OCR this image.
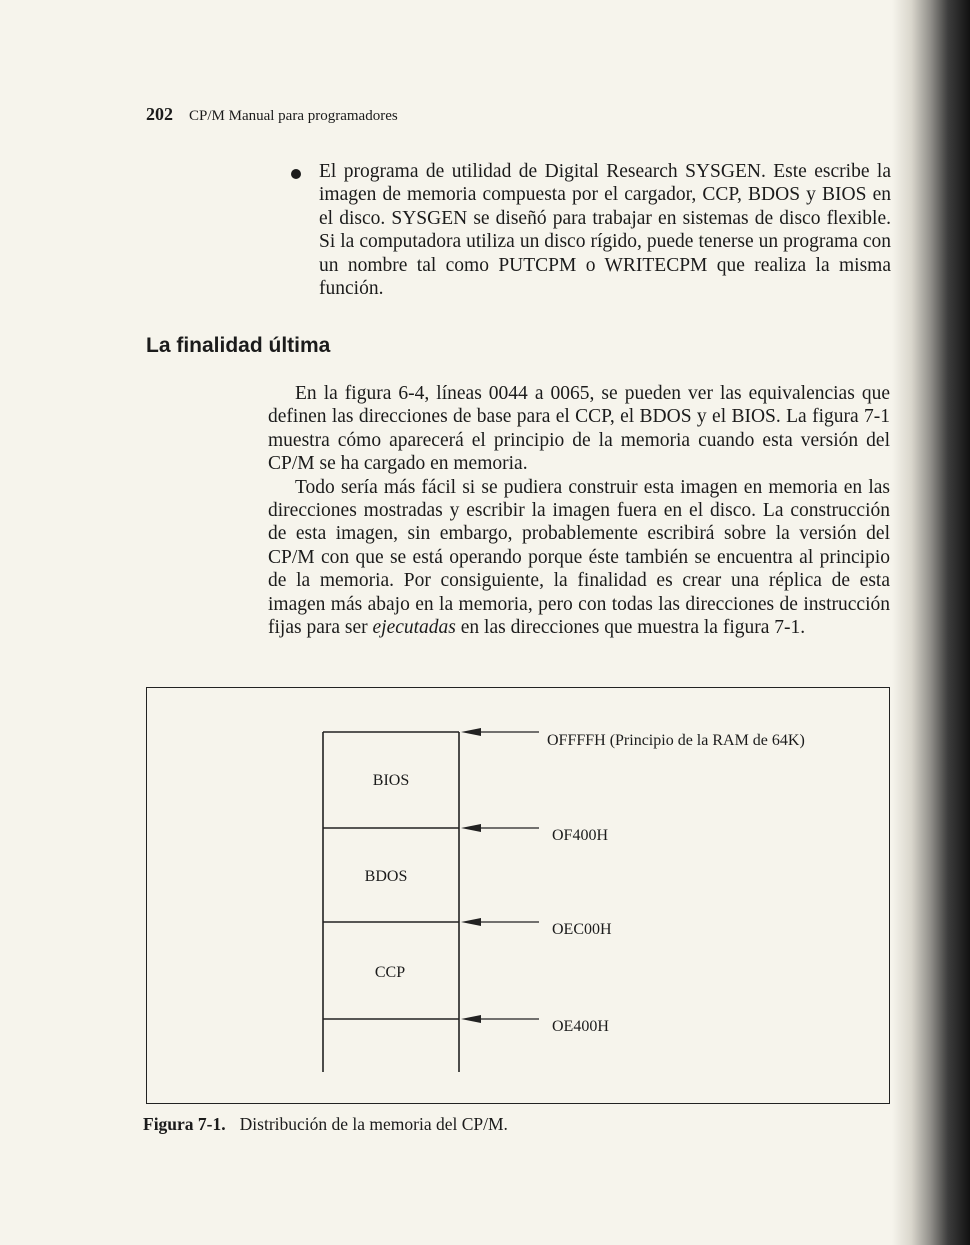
202 CP/M Manual para programadores
El programa de utilidad de Digital Research SYSGEN. Este escribe la imagen de memoria compuesta por el cargador, CCP, BDOS y BIOS en el disco. SYSGEN se diseñó para trabajar en sistemas de disco flexible. Si la computadora utiliza un disco rígido, puede tenerse un programa con un nombre tal como PUTCPM o WRITECPM que realiza la misma función.
La finalidad última

En la figura 6-4, líneas 0044 a 0065, se pueden ver las equivalencias que definen las direcciones de base para el CCP, el BDOS y el BIOS. La figura 7-1 muestra cómo aparecerá el principio de la memoria cuando esta versión del CP/M se ha cargado en memoria.

Todo sería más fácil si se pudiera construir esta imagen en memoria en las direcciones mostradas y escribir la imagen fuera en el disco. La construcción de esta imagen, sin embargo, probablemente escribirá sobre la versión del CP/M con que se está operando porque éste también se encuentra al principio de la memoria. Por consiguiente, la finalidad es crear una réplica de esta imagen más abajo en la memoria, pero con todas las direcciones de instrucción fijas para ser ejecutadas en las direcciones que muestra la figura 7-1.

BIOS
BDOS
CCP
OFFFFH (Principio de la RAM de 64K)
OF400H
OEC00H
OE400H
Figura 7-1. Distribución de la memoria del CP/M.
